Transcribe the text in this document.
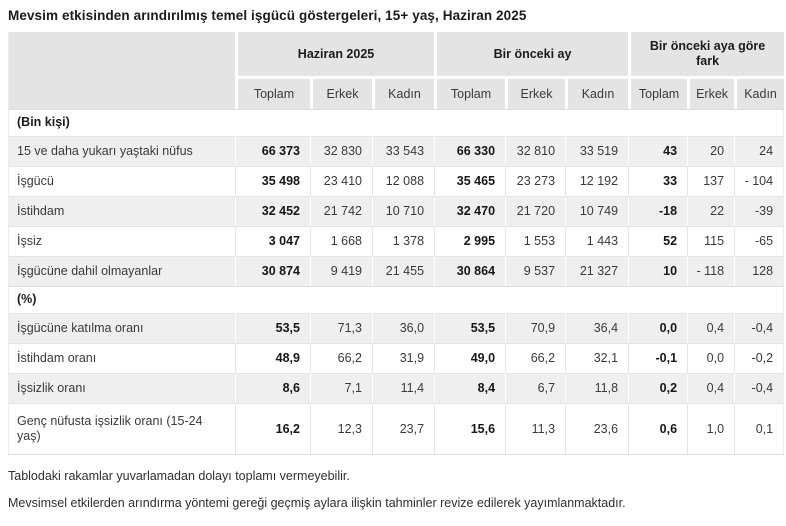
Mevsim etkisinden arındırılmış temel işgücü göstergeleri, 15+ yaş, Haziran 2025
	Haziran 2025			Bir önceki ay			Bir önceki aya göre fark		
	Toplam	Erkek	Kadın	Toplam	Erkek	Kadın	Toplam	Erkek	Kadın
(Bin kişi)									
15 ve daha yukarı yaştaki nüfus	66 373	32 830	33 543	66 330	32 810	33 519	43	20	24
İşgücü	35 498	23 410	12 088	35 465	23 273	12 192	33	137	- 104
İstihdam	32 452	21 742	10 710	32 470	21 720	10 749	-18	22	-39
İşsiz	3 047	1 668	1 378	2 995	1 553	1 443	52	115	-65
İşgücüne dahil olmayanlar	30 874	9 419	21 455	30 864	9 537	21 327	10	- 118	128
(%)									
İşgücüne katılma oranı	53,5	71,3	36,0	53,5	70,9	36,4	0,0	0,4	-0,4
İstihdam oranı	48,9	66,2	31,9	49,0	66,2	32,1	-0,1	0,0	-0,2
İşsizlik oranı	8,6	7,1	11,4	8,4	6,7	11,8	0,2	0,4	-0,4
Genç nüfusta işsizlik oranı (15-24 yaş)	16,2	12,3	23,7	15,6	11,3	23,6	0,6	1,0	0,1

Tablodaki rakamlar yuvarlamadan dolayı toplamı vermeyebilir.

Mevsimsel etkilerden arındırma yöntemi gereği geçmiş aylara ilişkin tahminler revize edilerek yayımlanmaktadır.
